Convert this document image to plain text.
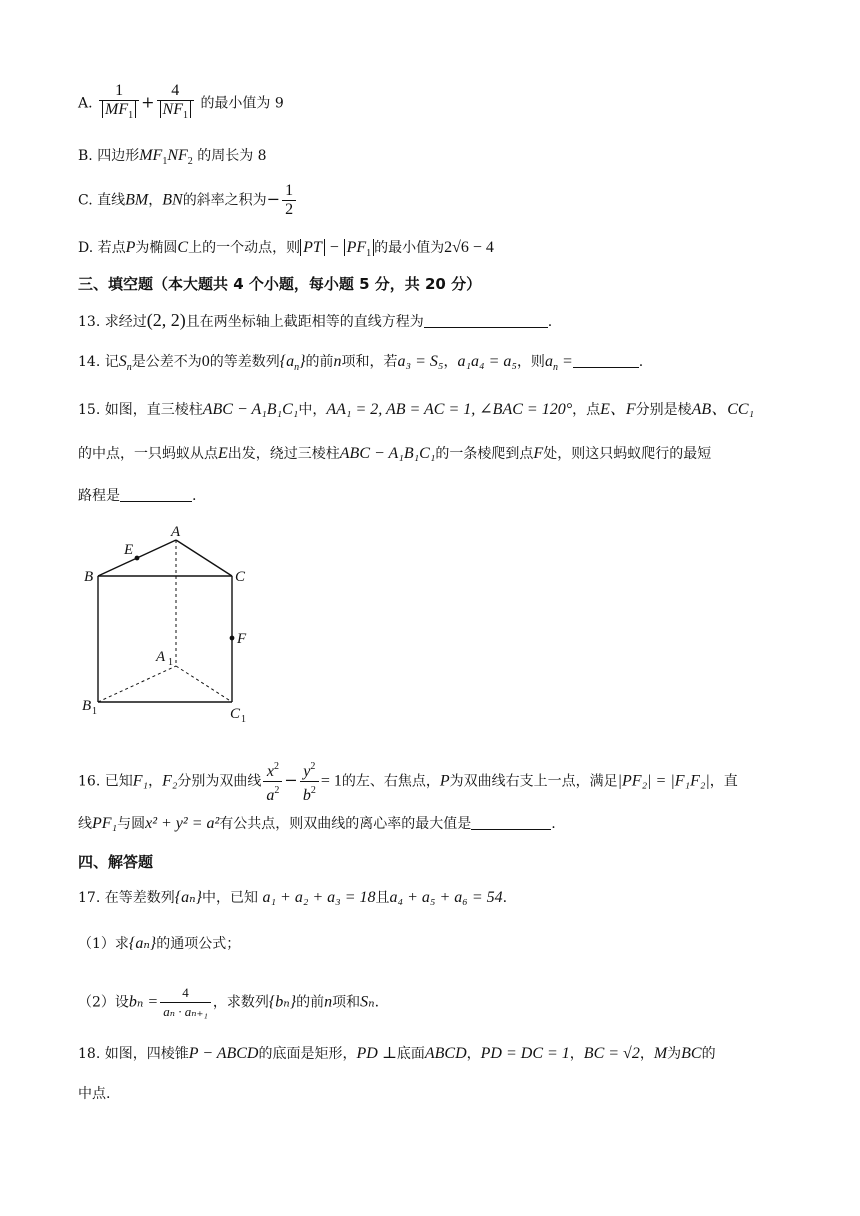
A. $\frac{1}{MF_1} + \frac{4}{NF_1}$ 的最小值为 9
B. 四边形$MF_1NF_2$ 的周长为 8
C. 直线BM，BN的斜率之积为− $\frac{1}{2}$
D. 若点P为椭圆C上的一个动点，则 PT − $PF_1$ 的最小值为2√6 − 4
三、填空题（本大题共 4 个小题，每小题 5 分，共 20 分）
13. 求经过(2, 2)且在两坐标轴上截距相等的直线方程为	.
14. 记$S_n$是公差不为0的等差数列$\{a_n\}$的前n项和，若a₃ = S₅，a₁a₄ = a₅，则$a_n$ =	.
15. 如图，直三棱柱ABC − A₁B₁C₁中，AA₁ = 2, AB = AC = 1, ∠BAC = 120°，点E、F分别是棱AB、CC₁
的中点，一只蚂蚁从点E出发，绕过三棱柱ABC − A₁B₁C₁的一条棱爬到点F处，则这只蚂蚁爬行的最短
路程是	.
A
B	C
E
F
A 1
B 1	C 1
16. 已知F₁，F₂分别为双曲线 $\frac{x^2}{a^2} - \frac{y^2}{b^2} = 1$的左、右焦点，P为双曲线右支上一点，满足|PF₂| = |F₁F₂|，直
线PF₁与圆x² + y² = a²有公共点，则双曲线的离心率的最大值是	.
四、解答题
17. 在等差数列{aₙ}中，已知 a₁ + a₂ + a₃ = 18且a₄ + a₅ + a₆ = 54.
（1）求{aₙ}的通项公式；
（2）设$b_n = \frac{4}{\text{aₙ · aₙ₊₁}}$ ，求数列{bₙ}的前n项和Sₙ.
18. 如图，四棱锥P − ABCD的底面是矩形，PD ⊥底面ABCD，PD = DC = 1，BC = √2，M为BC的
中点.
